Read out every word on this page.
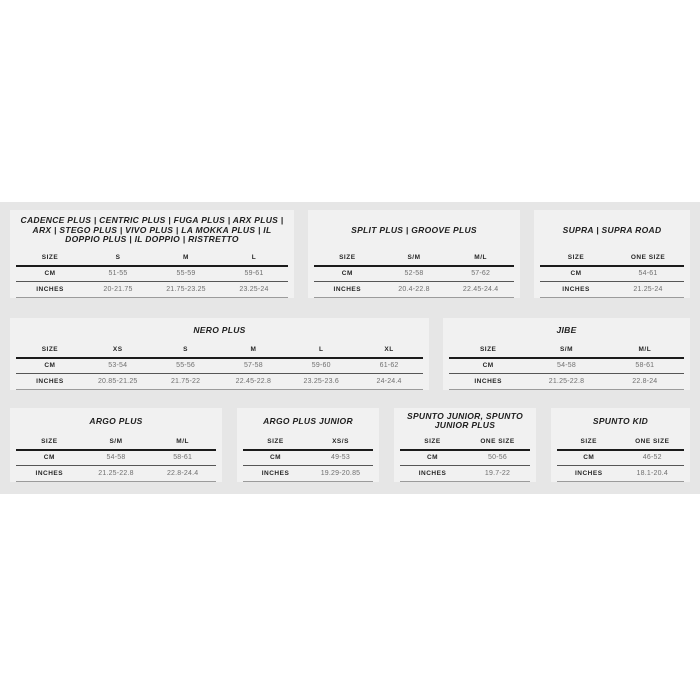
CADENCE PLUS | CENTRIC PLUS | FUGA PLUS | ARX PLUS | ARX | STEGO PLUS | VIVO PLUS | LA MOKKA PLUS | IL DOPPIO PLUS | IL DOPPIO | RISTRETTO
SIZE	S	M	L
CM	51-55	55-59	59-61
INCHES	20-21.75	21.75-23.25	23.25-24
SPLIT PLUS | GROOVE PLUS
SIZE	S/M	M/L
CM	52-58	57-62
INCHES	20.4-22.8	22.45-24.4
SUPRA | SUPRA ROAD
SIZE	ONE SIZE
CM	54-61
INCHES	21.25-24
NERO PLUS
SIZE	XS	S	M	L	XL
CM	53-54	55-56	57-58	59-60	61-62
INCHES	20.85-21.25	21.75-22	22.45-22.8	23.25-23.6	24-24.4
JIBE
SIZE	S/M	M/L
CM	54-58	58-61
INCHES	21.25-22.8	22.8-24
ARGO PLUS
SIZE	S/M	M/L
CM	54-58	58-61
INCHES	21.25-22.8	22.8-24.4
ARGO PLUS JUNIOR
SIZE	XS/S
CM	49-53
INCHES	19.29-20.85
SPUNTO JUNIOR, SPUNTO JUNIOR PLUS
SIZE	ONE SIZE
CM	50-56
INCHES	19.7-22
SPUNTO KID
SIZE	ONE SIZE
CM	46-52
INCHES	18.1-20.4
